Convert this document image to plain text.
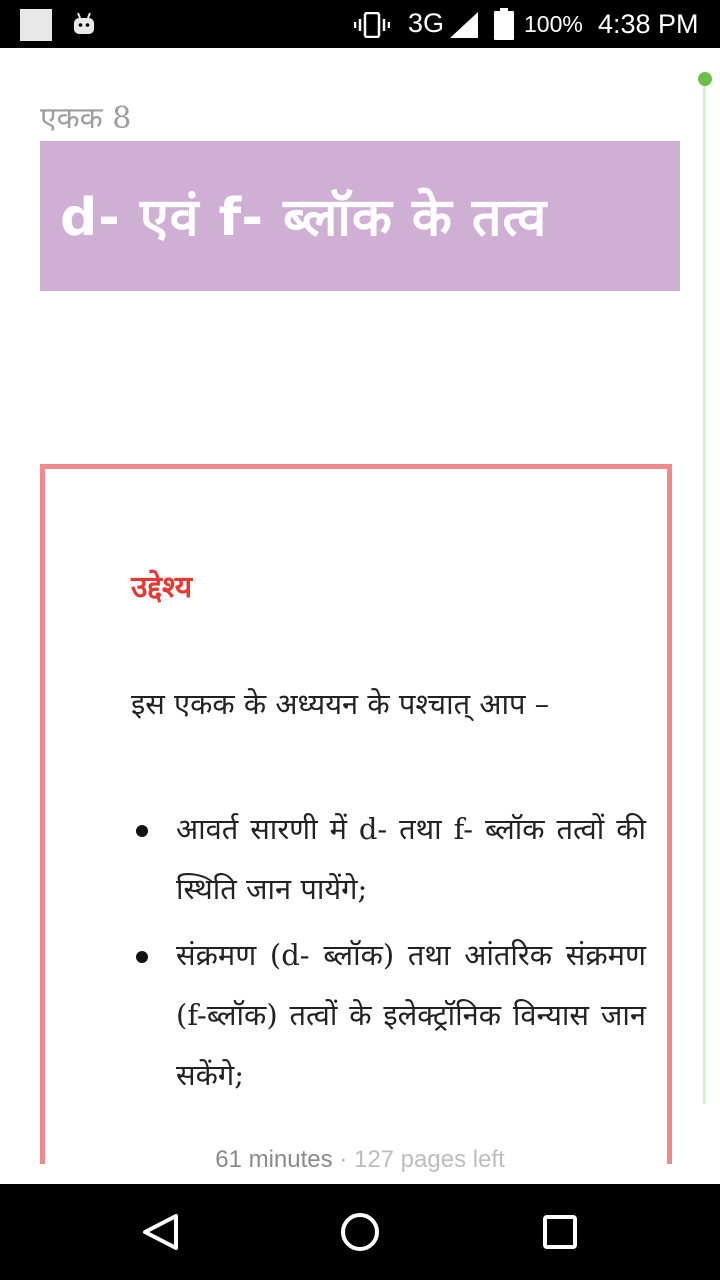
3G	100% 4:38 PM
एकक 8
d- एवं f- ब्लॉक के तत्व
उद्देश्य
इस एकक के अध्ययन के पश्चात् आप –
आवर्त सारणी में d- तथा f- ब्लॉक तत्वों की स्थिति जान पायेंगे;
संक्रमण (d- ब्लॉक) तथा आंतरिक संक्रमण (f-ब्लॉक) तत्वों के इलेक्ट्रॉनिक विन्यास जान सकेंगे;
61 minutes · 127 pages left
